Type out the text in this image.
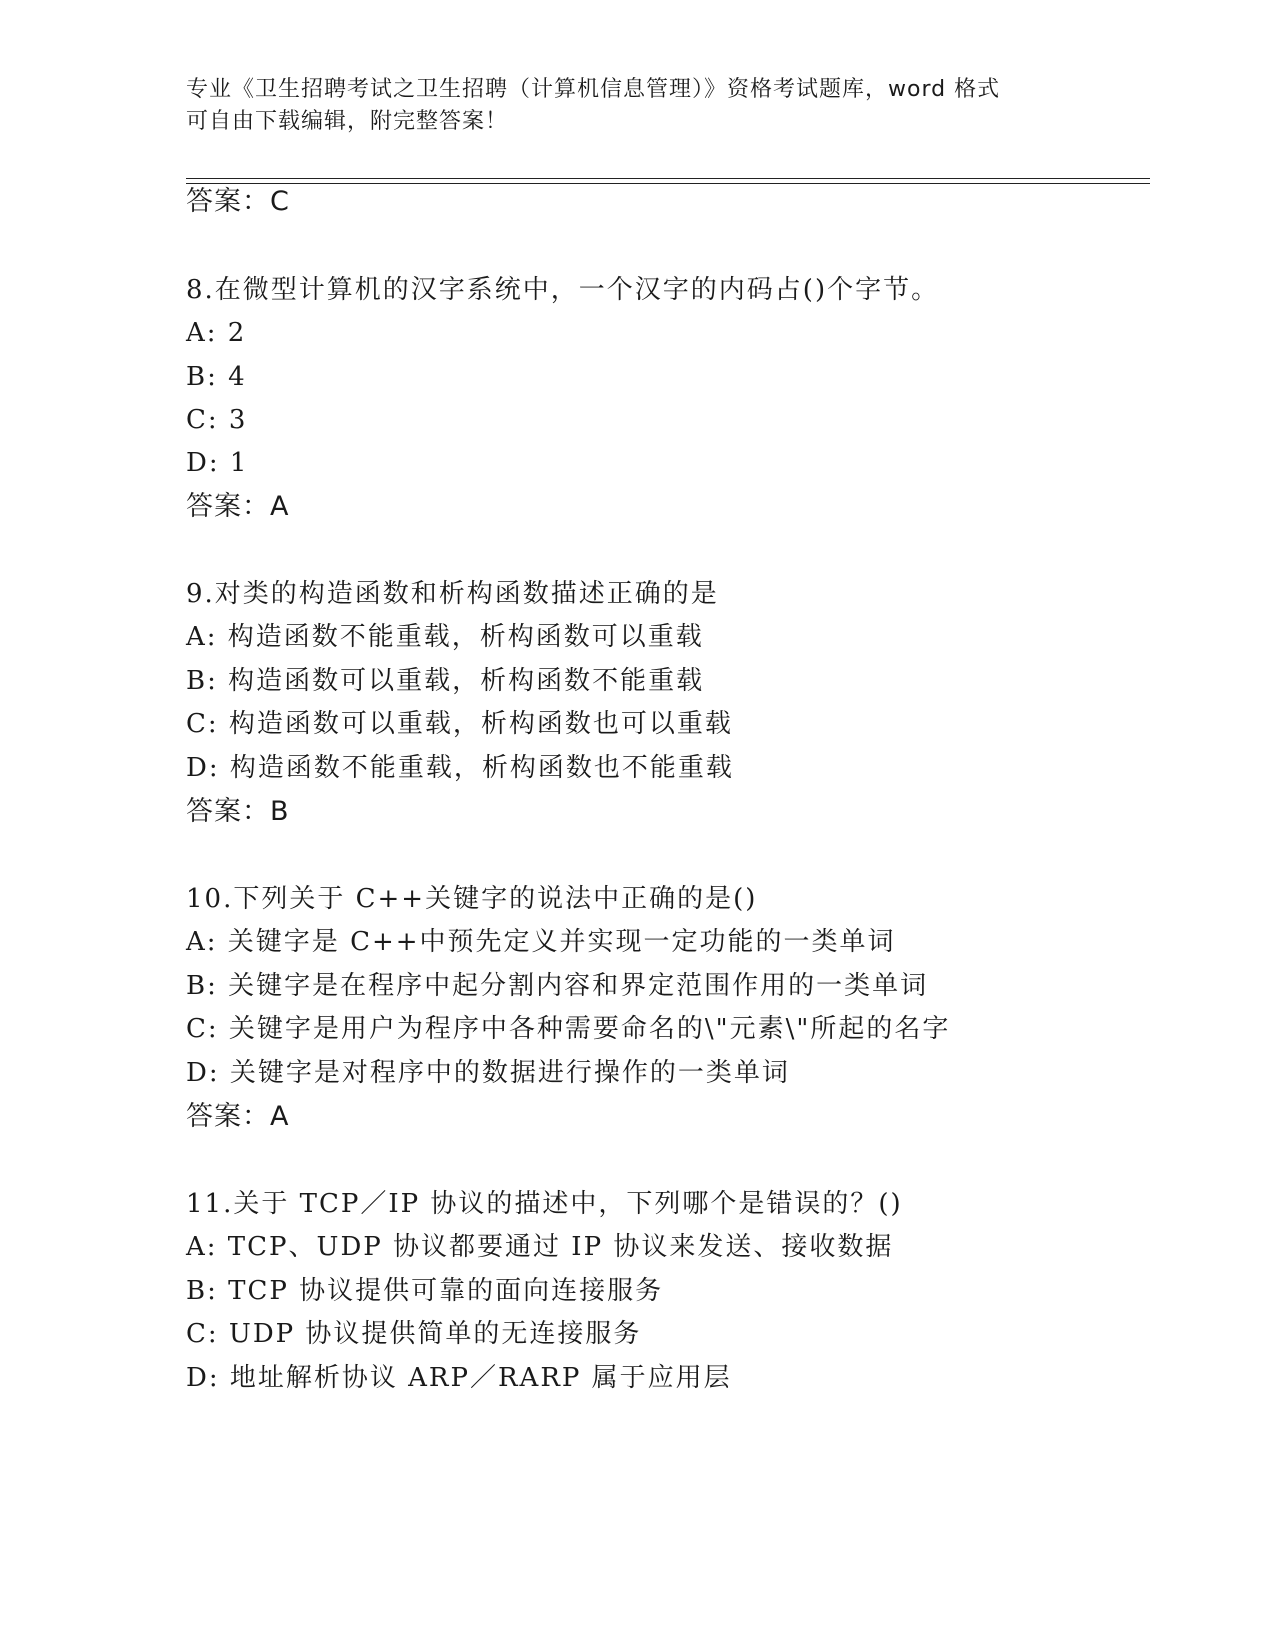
专业《卫生招聘考试之卫生招聘（计算机信息管理）》资格考试题库，word 格式
可自由下载编辑，附完整答案！
答案：C
8.在微型计算机的汉字系统中，一个汉字的内码占()个字节。
A: 2
B: 4
C: 3
D: 1
答案：A
9.对类的构造函数和析构函数描述正确的是
A: 构造函数不能重载，析构函数可以重载
B: 构造函数可以重载，析构函数不能重载
C: 构造函数可以重载，析构函数也可以重载
D: 构造函数不能重载，析构函数也不能重载
答案：B
10.下列关于 C++关键字的说法中正确的是()
A: 关键字是 C++中预先定义并实现一定功能的一类单词
B: 关键字是在程序中起分割内容和界定范围作用的一类单词
C: 关键字是用户为程序中各种需要命名的\"元素\"所起的名字
D: 关键字是对程序中的数据进行操作的一类单词
答案：A
11.关于 TCP／IP 协议的描述中，下列哪个是错误的？()
A: TCP、UDP 协议都要通过 IP 协议来发送、接收数据
B: TCP 协议提供可靠的面向连接服务
C: UDP 协议提供简单的无连接服务
D: 地址解析协议 ARP／RARP 属于应用层
